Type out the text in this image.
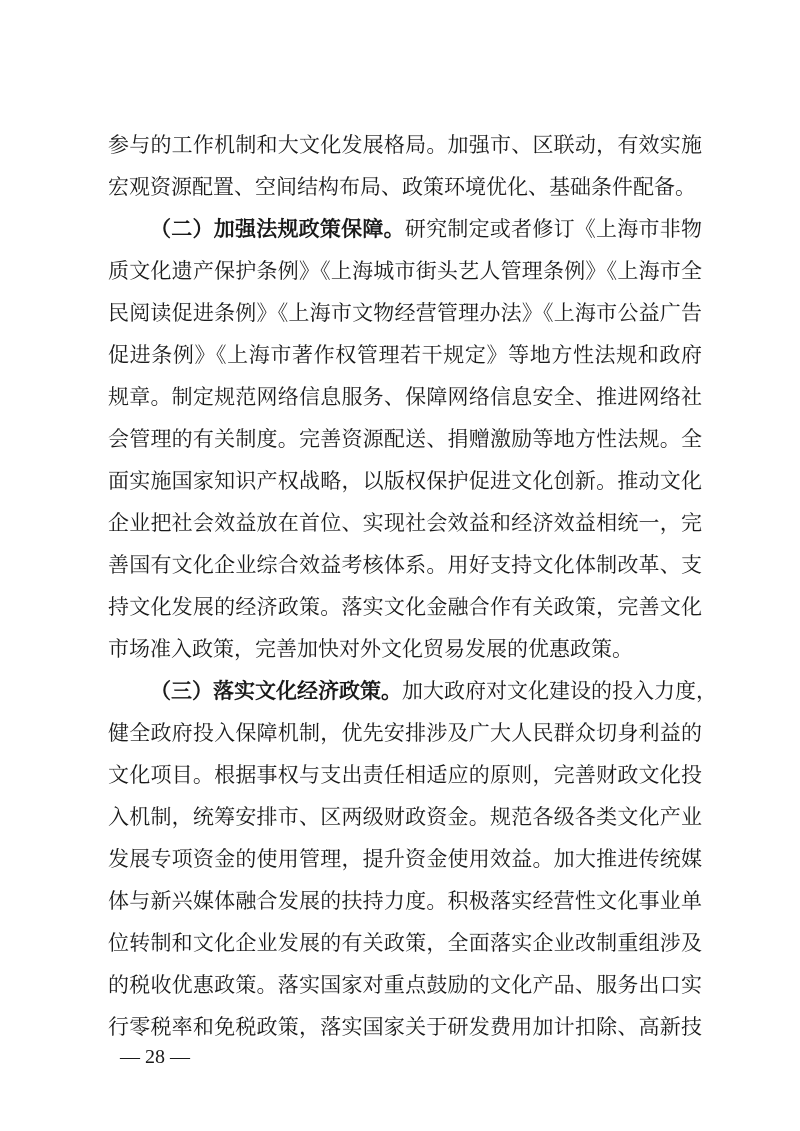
参与的工作机制和大文化发展格局。加强市、区联动，有效实施
宏观资源配置、空间结构布局、政策环境优化、基础条件配备。
（二）加强法规政策保障。研究制定或者修订《上海市非物
质文化遗产保护条例》《上海城市街头艺人管理条例》《上海市全
民阅读促进条例》《上海市文物经营管理办法》《上海市公益广告
促进条例》《上海市著作权管理若干规定》等地方性法规和政府
规章。制定规范网络信息服务、保障网络信息安全、推进网络社
会管理的有关制度。完善资源配送、捐赠激励等地方性法规。全
面实施国家知识产权战略，以版权保护促进文化创新。推动文化
企业把社会效益放在首位、实现社会效益和经济效益相统一，完
善国有文化企业综合效益考核体系。用好支持文化体制改革、支
持文化发展的经济政策。落实文化金融合作有关政策，完善文化
市场准入政策，完善加快对外文化贸易发展的优惠政策。
（三）落实文化经济政策。加大政府对文化建设的投入力度，
健全政府投入保障机制，优先安排涉及广大人民群众切身利益的
文化项目。根据事权与支出责任相适应的原则，完善财政文化投
入机制，统筹安排市、区两级财政资金。规范各级各类文化产业
发展专项资金的使用管理，提升资金使用效益。加大推进传统媒
体与新兴媒体融合发展的扶持力度。积极落实经营性文化事业单
位转制和文化企业发展的有关政策，全面落实企业改制重组涉及
的税收优惠政策。落实国家对重点鼓励的文化产品、服务出口实
行零税率和免税政策，落实国家关于研发费用加计扣除、高新技
— 28 —
